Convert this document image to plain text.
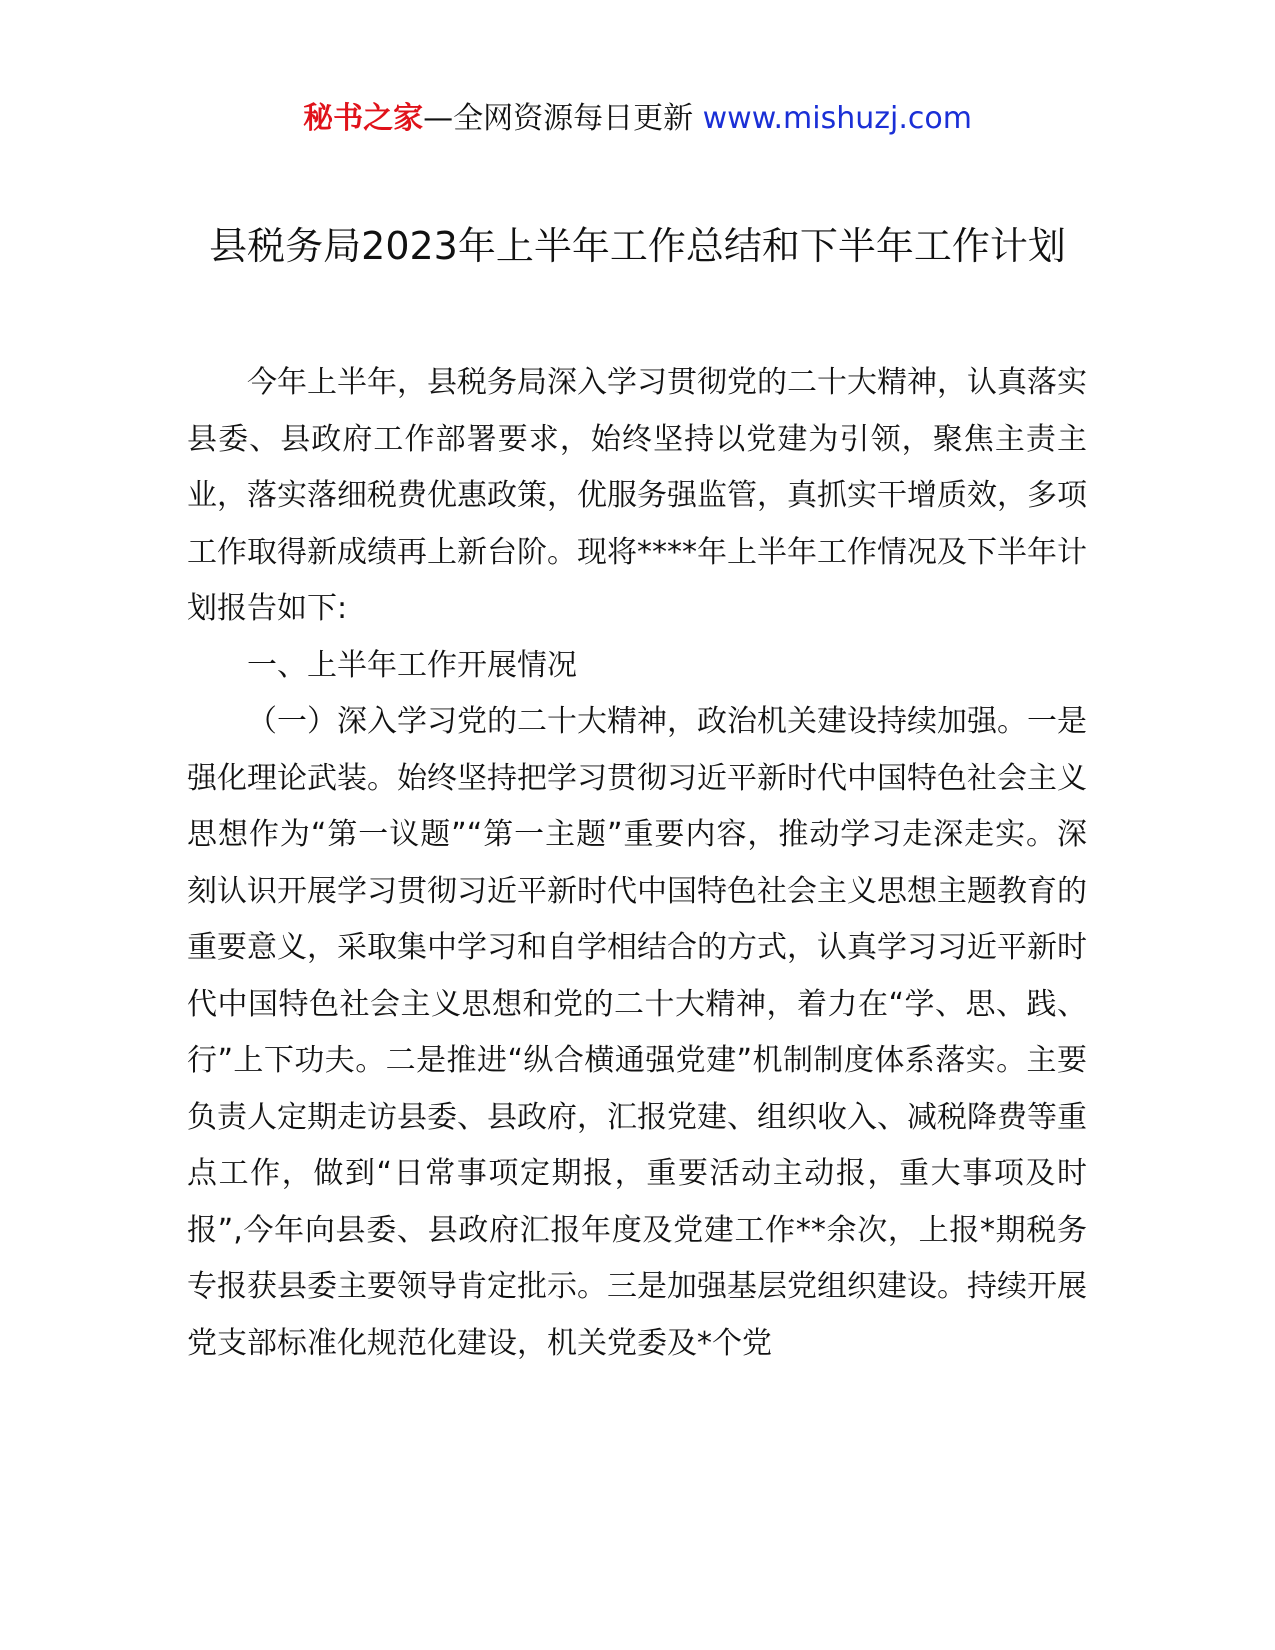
秘书之家—全网资源每日更新 www.mishuzj.com
县税务局2023年上半年工作总结和下半年工作计划

今年上半年，县税务局深入学习贯彻党的二十大精神，认真落实县委、县政府工作部署要求，始终坚持以党建为引领，聚焦主责主业，落实落细税费优惠政策，优服务强监管，真抓实干增质效，多项工作取得新成绩再上新台阶。现将****年上半年工作情况及下半年计划报告如下:

一、上半年工作开展情况

（一）深入学习党的二十大精神，政治机关建设持续加强。一是强化理论武装。始终坚持把学习贯彻习近平新时代中国特色社会主义思想作为“第一议题”“第一主题”重要内容，推动学习走深走实。深刻认识开展学习贯彻习近平新时代中国特色社会主义思想主题教育的重要意义，采取集中学习和自学相结合的方式，认真学习习近平新时代中国特色社会主义思想和党的二十大精神，着力在“学、思、践、行”上下功夫。二是推进“纵合横通强党建”机制制度体系落实。主要负责人定期走访县委、县政府，汇报党建、组织收入、减税降费等重点工作，做到“日常事项定期报，重要活动主动报，重大事项及时报”,今年向县委、县政府汇报年度及党建工作**余次，上报*期税务专报获县委主要领导肯定批示。三是加强基层党组织建设。持续开展党支部标准化规范化建设，机关党委及*个党
